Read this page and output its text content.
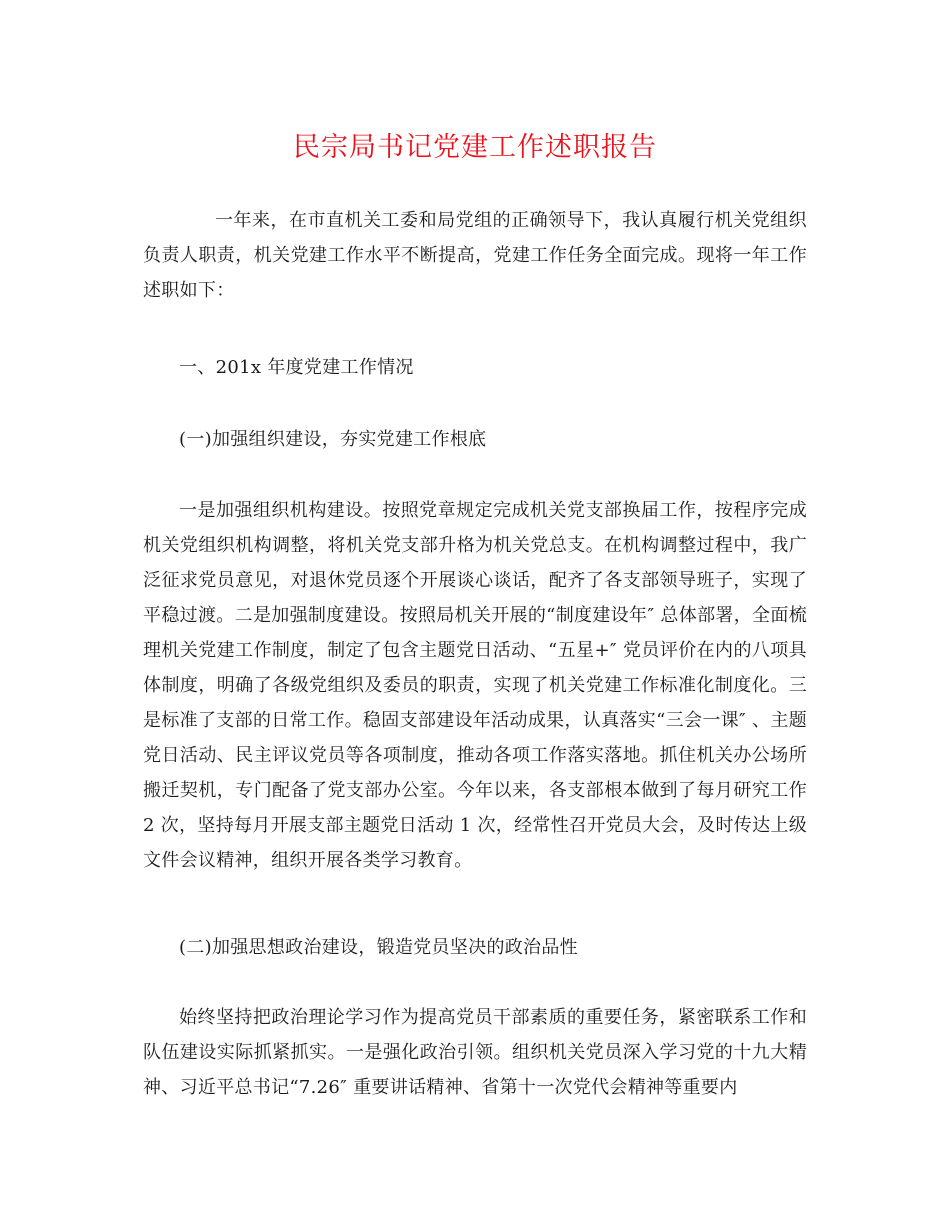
民宗局书记党建工作述职报告

一年来，在市直机关工委和局党组的正确领导下，我认真履行机关党组织负责人职责，机关党建工作水平不断提高，党建工作任务全面完成。现将一年工作述职如下：

一、201x 年度党建工作情况

(一)加强组织建设，夯实党建工作根底

一是加强组织机构建设。按照党章规定完成机关党支部换届工作，按程序完成机关党组织机构调整，将机关党支部升格为机关党总支。在机构调整过程中，我广泛征求党员意见，对退休党员逐个开展谈心谈话，配齐了各支部领导班子，实现了平稳过渡。二是加强制度建设。按照局机关开展的“制度建设年″ 总体部署，全面梳理机关党建工作制度，制定了包含主题党日活动、“五星+″ 党员评价在内的八项具体制度，明确了各级党组织及委员的职责，实现了机关党建工作标准化制度化。三是标准了支部的日常工作。稳固支部建设年活动成果，认真落实“三会一课″ 、主题党日活动、民主评议党员等各项制度，推动各项工作落实落地。抓住机关办公场所搬迁契机，专门配备了党支部办公室。今年以来，各支部根本做到了每月研究工作 2 次，坚持每月开展支部主题党日活动 1 次，经常性召开党员大会，及时传达上级文件会议精神，组织开展各类学习教育。

(二)加强思想政治建设，锻造党员坚决的政治品性

始终坚持把政治理论学习作为提高党员干部素质的重要任务，紧密联系工作和队伍建设实际抓紧抓实。一是强化政治引领。组织机关党员深入学习党的十九大精神、习近平总书记“7.26″ 重要讲话精神、省第十一次党代会精神等重要内
